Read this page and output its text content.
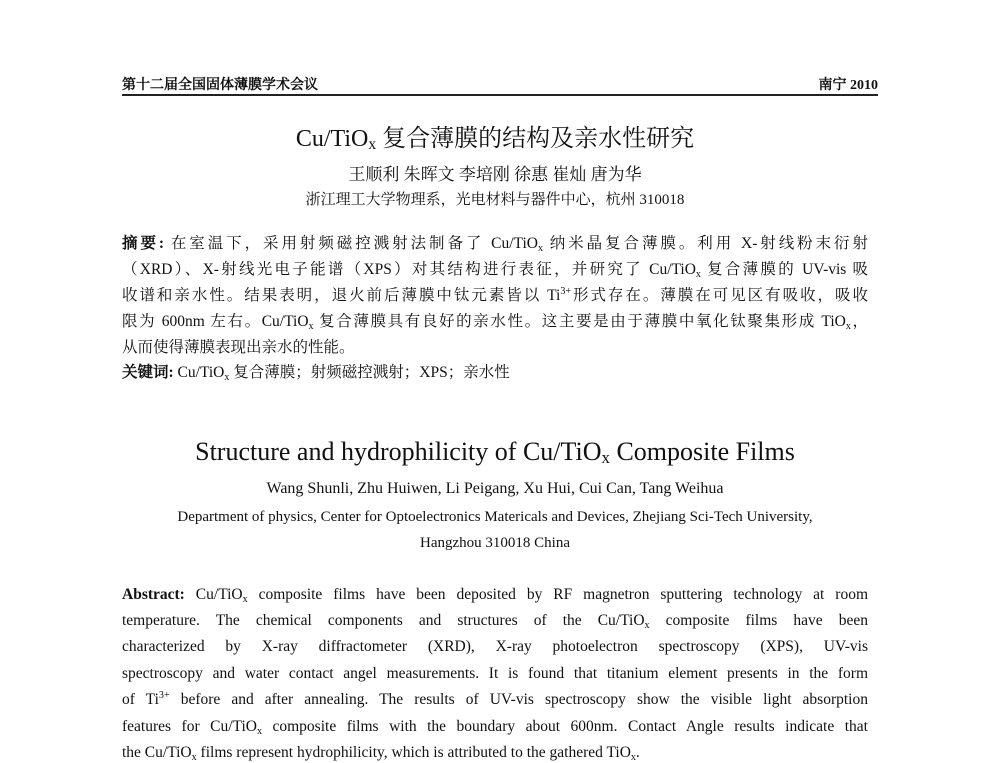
第十二届全国固体薄膜学术会议	南宁 2010
Cu/TiO$_x$ 复合薄膜的结构及亲水性研究
王顺利 朱晖文 李培刚 徐惠 崔灿 唐为华
浙江理工大学物理系，光电材料与器件中心，杭州 310018
摘要: 在室温下，采用射频磁控溅射法制备了 Cu/TiO$_x$ 纳米晶复合薄膜。利用 X-射线粉末衍射
（XRD）、X-射线光电子能谱（XPS）对其结构进行表征，并研究了 Cu/TiO$_x$ 复合薄膜的 UV-vis 吸
收谱和亲水性。结果表明，退火前后薄膜中钛元素皆以 $Ti^{3+}$形式存在。薄膜在可见区有吸收，吸收
限为 600nm 左右。Cu/TiO$_x$ 复合薄膜具有良好的亲水性。这主要是由于薄膜中氧化钛聚集形成 TiO$_x$，
从而使得薄膜表现出亲水的性能。
关键词: Cu/TiO$_x$ 复合薄膜；射频磁控溅射；XPS；亲水性
Structure and hydrophilicity of Cu/TiO$_x$ Composite Films
Wang Shunli, Zhu Huiwen, Li Peigang, Xu Hui, Cui Can, Tang Weihua
Department of physics, Center for Optoelectronics Matericals and Devices, Zhejiang Sci-Tech University,
Hangzhou 310018 China
Abstract: Cu/TiO$_x$ composite films have been deposited by RF magnetron sputtering technology at room
temperature. The chemical components and structures of the Cu/TiO$_x$ composite films have been
characterized by X-ray diffractometer (XRD), X-ray photoelectron spectroscopy (XPS), UV-vis
spectroscopy and water contact angel measurements. It is found that titanium element presents in the form
of $Ti^{3+}$ before and after annealing. The results of UV-vis spectroscopy show the visible light absorption
features for Cu/TiO$_x$ composite films with the boundary about 600nm. Contact Angle results indicate that
the Cu/TiO$_x$ films represent hydrophilicity, which is attributed to the gathered TiO$_x$.
